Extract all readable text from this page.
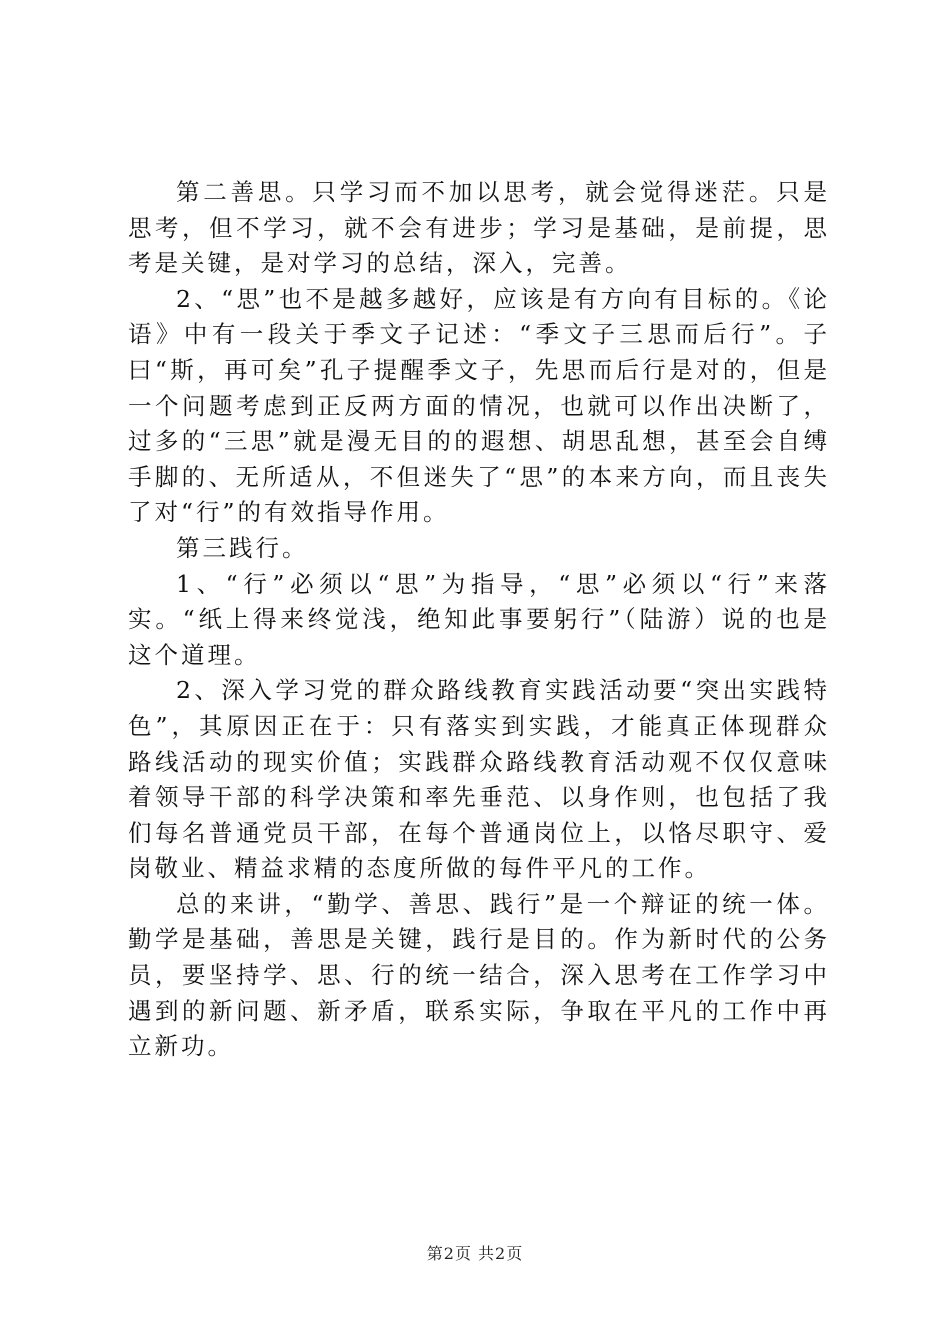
第二善思。只学习而不加以思考，就会觉得迷茫。只是思考，但不学习，就不会有进步；学习是基础，是前提，思考是关键，是对学习的总结，深入，完善。

2、“思”也不是越多越好，应该是有方向有目标的。《论语》中有一段关于季文子记述：“季文子三思而后行”。子曰“斯，再可矣”孔子提醒季文子，先思而后行是对的，但是一个问题考虑到正反两方面的情况，也就可以作出决断了，过多的“三思”就是漫无目的的遐想、胡思乱想，甚至会自缚手脚的、无所适从，不但迷失了“思”的本来方向，而且丧失了对“行”的有效指导作用。

第三践行。

1、“行”必须以“思”为指导，“思”必须以“行”来落实。“纸上得来终觉浅，绝知此事要躬行”（陆游）说的也是这个道理。

2、深入学习党的群众路线教育实践活动要“突出实践特色”，其原因正在于：只有落实到实践，才能真正体现群众路线活动的现实价值；实践群众路线教育活动观不仅仅意味着领导干部的科学决策和率先垂范、以身作则，也包括了我们每名普通党员干部，在每个普通岗位上，以恪尽职守、爱岗敬业、精益求精的态度所做的每件平凡的工作。

总的来讲，“勤学、善思、践行”是一个辩证的统一体。勤学是基础，善思是关键，践行是目的。作为新时代的公务员，要坚持学、思、行的统一结合，深入思考在工作学习中遇到的新问题、新矛盾，联系实际，争取在平凡的工作中再立新功。

第2页 共2页
